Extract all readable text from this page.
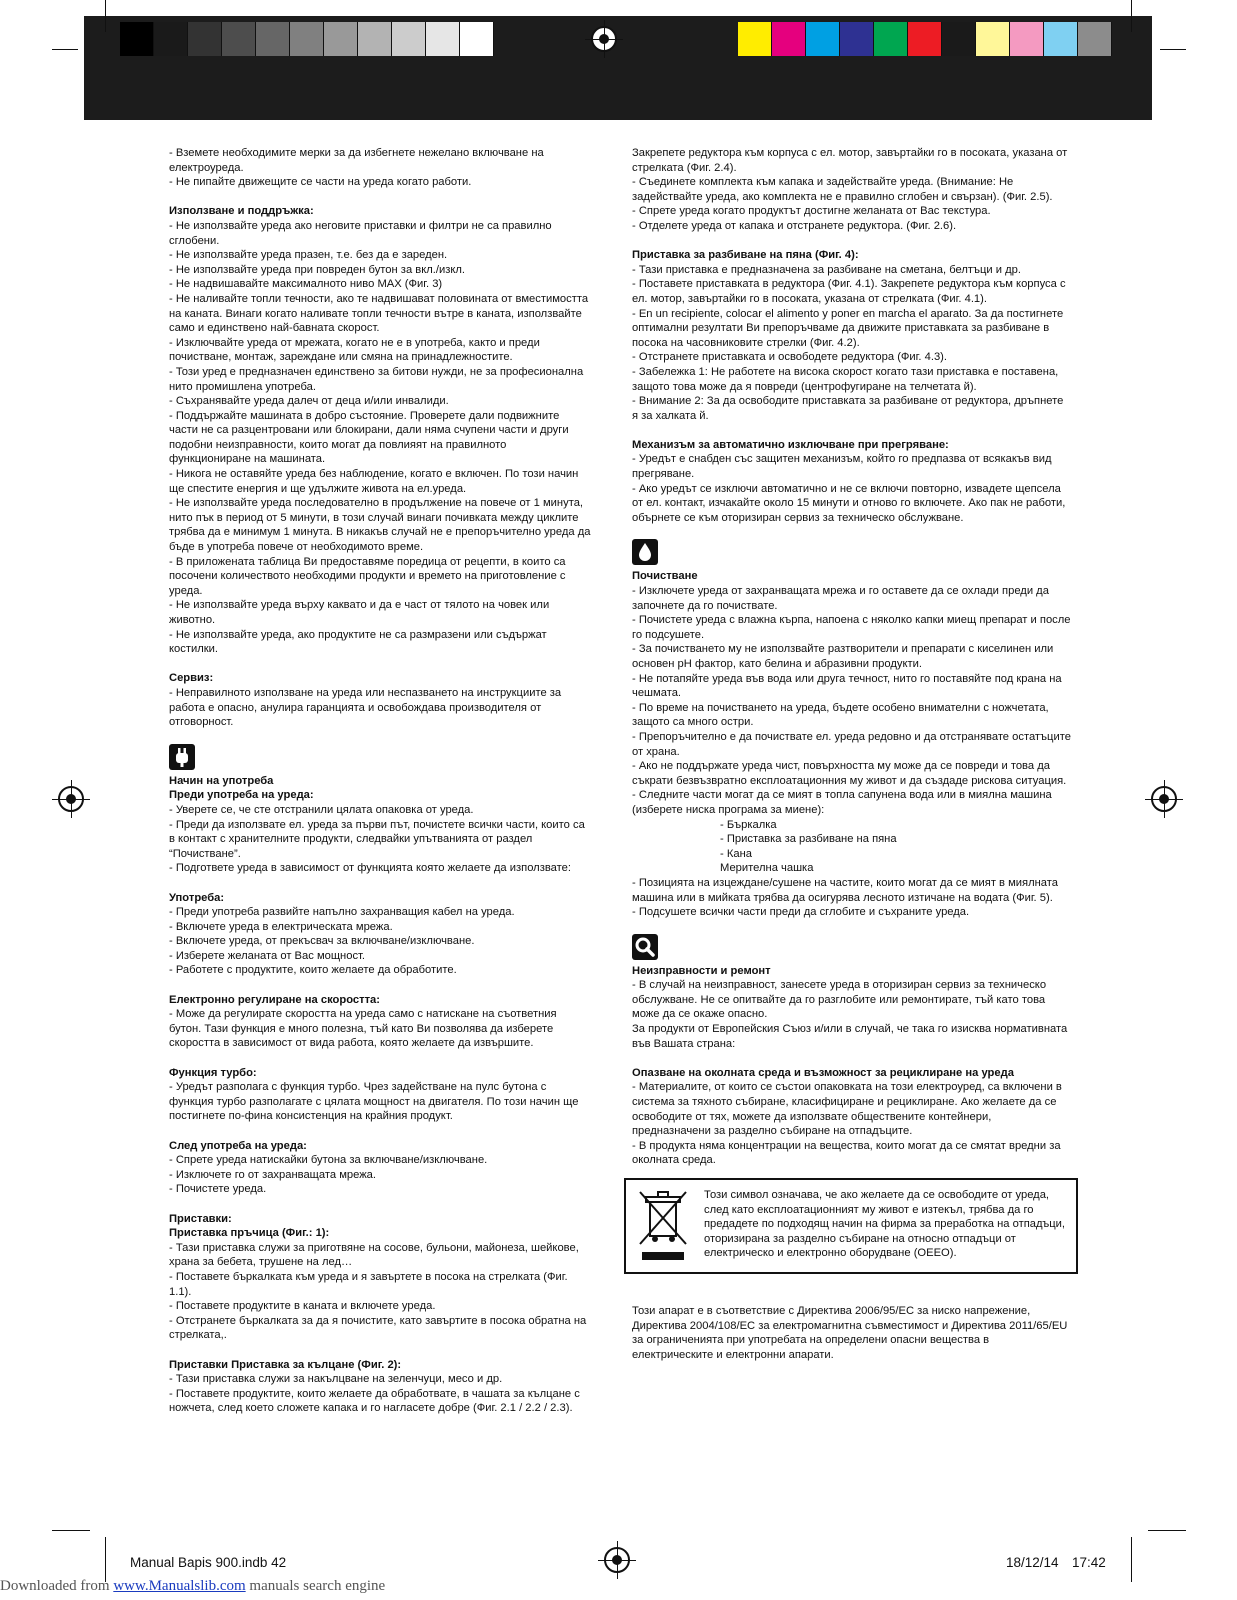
- Вземете необходимите мерки за да избегнете нежелано включване на електроуреда.

- Не пипайте движещите се части на уреда когато работи.

Използване и поддръжка:

- Не използвайте уреда ако неговите приставки и филтри не са правилно сглобени.

- Не използвайте уреда празен, т.е. без да е зареден.

- Не използвайте уреда при повреден бутон за вкл./изкл.

- Не надвишавайте максималното ниво MAX (Фиг. 3)

- Не наливайте топли течности, ако те надвишават половината от вместимостта на каната. Винаги когато наливате топли течности вътре в каната, използвайте само и единствено най-бавната скорост.

- Изключвайте уреда от мрежата, когато не е в употреба, както и преди почистване, монтаж, зареждане или смяна на принадлежностите.

- Този уред е предназначен единствено за битови нужди, не за професионална нито промишлена употреба.

- Съхранявайте уреда далеч от деца и/или инвалиди.

- Поддържайте машината в добро състояние. Проверете дали подвижните части не са разцентровани или блокирани, дали няма счупени части и други подобни неизправности, които могат да повлияят на правилното функциониране на машината.

- Никога не оставяйте уреда без наблюдение, когато е включен. По този начин ще спестите енергия и ще удължите живота на ел.уреда.

- Не използвайте уреда последователно в продължение на повече от 1 минута, нито пък в период от 5 минути, в този случай винаги почивката между циклите трябва да е минимум 1 минута. В никакъв случай не е препоръчително уреда да бъде в употреба повече от необходимото време.

- В приложената таблица Ви предоставяме поредица от рецепти, в които са посочени количеството необходими продукти и времето на приготовление с уреда.

- Не използвайте уреда върху каквато и да е част от тялото на човек или животно.

- Не използвайте уреда, ако продуктите не са размразени или съдържат костилки.

Сервиз:

- Неправилното използване на уреда или неспазването на инструкциите за работа е опасно, анулира гаранцията и освобождава производителя от отговорност.

Начин на употреба

Преди употреба на уреда:

- Уверете се, че сте отстранили цялата опаковка от уреда.

- Преди да използвате ел. уреда за първи път, почистете всички части, които са в контакт с хранителните продукти, следвайки упътванията от раздел “Почистване”.

- Подгответе уреда в зависимост от функцията която желаете да използвате:

Употреба:

- Преди употреба развийте напълно захранващия кабел на уреда.

- Включете уреда в електрическата мрежа.

- Включете уреда, от прекъсвач за включване/изключване.

- Изберете желаната от Вас мощност.

- Работете с продуктите, които желаете да обработите.

Електронно регулиране на скоростта:

- Може да регулирате скоростта на уреда само с натискане на съответния бутон. Тази функция е много полезна, тъй като Ви позволява да изберете скоростта в зависимост от вида работа, която желаете да извършите.

Функция турбо:

- Уредът разполага с функция турбо. Чрез задействане на пулс бутона с функция турбо разполагате с цялата мощност на двигателя. По този начин ще постигнете по-фина консистенция на крайния продукт.

След употреба на уреда:

- Спрете уреда натискайки бутона за включване/изключване.

- Изключете го от захранващата мрежа.

- Почистете уреда.

Приставки:

Приставка пръчица (Фиг.: 1):

- Тази приставка служи за приготвяне на сосове, бульони, майонеза, шейкове, храна за бебета, трушене на лед…

- Поставете бъркалката към уреда и я завъртете в посока на стрелката (Фиг. 1.1).

- Поставете продуктите в каната и включете уреда.

- Отстранете бъркалката за да я почистите, като завъртите в посока обратна на стрелката,.

Приставки Приставка за кълцане (Фиг. 2):

- Тази приставка служи за накълцване на зеленчуци, месо и др.

- Поставете продуктите, които желаете да обработвате, в чашата за кълцане с ножчета, след което сложете капака и го нагласете добре (Фиг. 2.1 / 2.2 / 2.3).

Закрепете редуктора към корпуса с ел. мотор, завъртайки го в посоката, указана от стрелката (Фиг. 2.4).

- Съединете комплекта към капака и задействайте уреда. (Внимание: Не задействайте уреда, ако комплекта не е правилно сглобен и свързан). (Фиг. 2.5).

- Спрете уреда когато продуктът достигне желаната от Вас текстура.

- Отделете уреда от капака и отстранете редуктора. (Фиг. 2.6).

Приставка за разбиване на пяна (Фиг. 4):

- Тази приставка е предназначена за разбиване на сметана, белтъци и др.

- Поставете приставката в редуктора (Фиг. 4.1). Закрепете редуктора към корпуса с ел. мотор, завъртайки го в посоката, указана от стрелката (Фиг. 4.1).

- En un recipiente, colocar el alimento y poner en marcha el aparato. За да постигнете оптимални резултати Ви препоръчваме да движите приставката за разбиване в посока на часовниковите стрелки (Фиг. 4.2).

- Отстранете приставката и освободете редуктора (Фиг. 4.3).

- Забележка 1: Не работете на висока скорост когато тази приставка е поставена, защото това може да я повреди (центрофугиране на телчетата й).

- Внимание 2: За да освободите приставката за разбиване от редуктора, дръпнете я за халката й.

Механизъм за автоматично изключване при прегряване:

- Уредът е снабден със защитен механизъм, който го предпазва от всякакъв вид прегряване.

- Ако уредът се изключи автоматично и не се включи повторно, извадете щепсела от ел. контакт, изчакайте около 15 минути и отново го включете. Ако пак не работи, обърнете се към оторизиран сервиз за техническо обслужване.

Почистване

- Изключете уреда от захранващата мрежа и го оставете да се охлади преди да започнете да го почиствате.

- Почистете уреда с влажна кърпа, напоена с няколко капки миещ препарат и после го подсушете.

- За почистването му не използвайте разтворители и препарати с киселинен или основен pH фактор, като белина и абразивни продукти.

- Не потапяйте уреда във вода или друга течност, нито го поставяйте под крана на чешмата.

- По време на почистването на уреда, бъдете особено внимателни с ножчетата, защото са много остри.

- Препоръчително е да почиствате ел. уреда редовно и да отстранявате остатъците от храна.

- Ако не поддържате уреда чист, повърхността му може да се повреди и това да съкрати безвъзвратно експлоатационния му живот и да създаде рискова ситуация.

- Следните части могат да се мият в топла сапунена вода или в миялна машина (изберете ниска програма за миене):

- Бъркалка

- Приставка за разбиване на пяна

- Кана

Мерителна чашка

- Позицията на изцеждане/сушене на частите, които могат да се мият в миялната машина или в мийката трябва да осигурява лесното изтичане на водата (Фиг. 5).

- Подсушете всички части преди да сглобите и съхраните уреда.

Неизправности и ремонт

- В случай на неизправност, занесете уреда в оторизиран сервиз за техническо обслужване. Не се опитвайте да го разглобите или ремонтирате, тъй като това може да се окаже опасно.

За продукти от Европейския Съюз и/или в случай, че така го изисква нормативната във Вашата страна:

Опазване на околната среда и възможност за рециклиране на уреда

- Материалите, от които се състои опаковката на този електроуред, са включени в система за тяхното събиране, класифициране и рециклиране. Ако желаете да се освободите от тях, можете да използвате обществените контейнери, предназначени за разделно събиране на отпадъците.

- В продукта няма концентрации на вещества, които могат да се смятат вредни за околната среда.

Този символ означава, че ако желаете да се освободите от уреда, след като експлоатационният му живот е изтекъл, трябва да го предадете по подходящ начин на фирма за преработка на отпадъци, оторизирана за разделно събиране на относно отпадъци от електрическо и електронно оборудване (ОЕЕО).

Този апарат е в съответствие с Директива 2006/95/ЕС за ниско напрежение, Директива 2004/108/ЕС за електромагнитна съвместимост и Директива 2011/65/EU за ограниченията при употребата на определени опасни вещества в електрическите и електронни апарати.

Manual Bapis 900.indb 42	18/12/14 17:42
Downloaded from www.Manualslib.com manuals search engine
